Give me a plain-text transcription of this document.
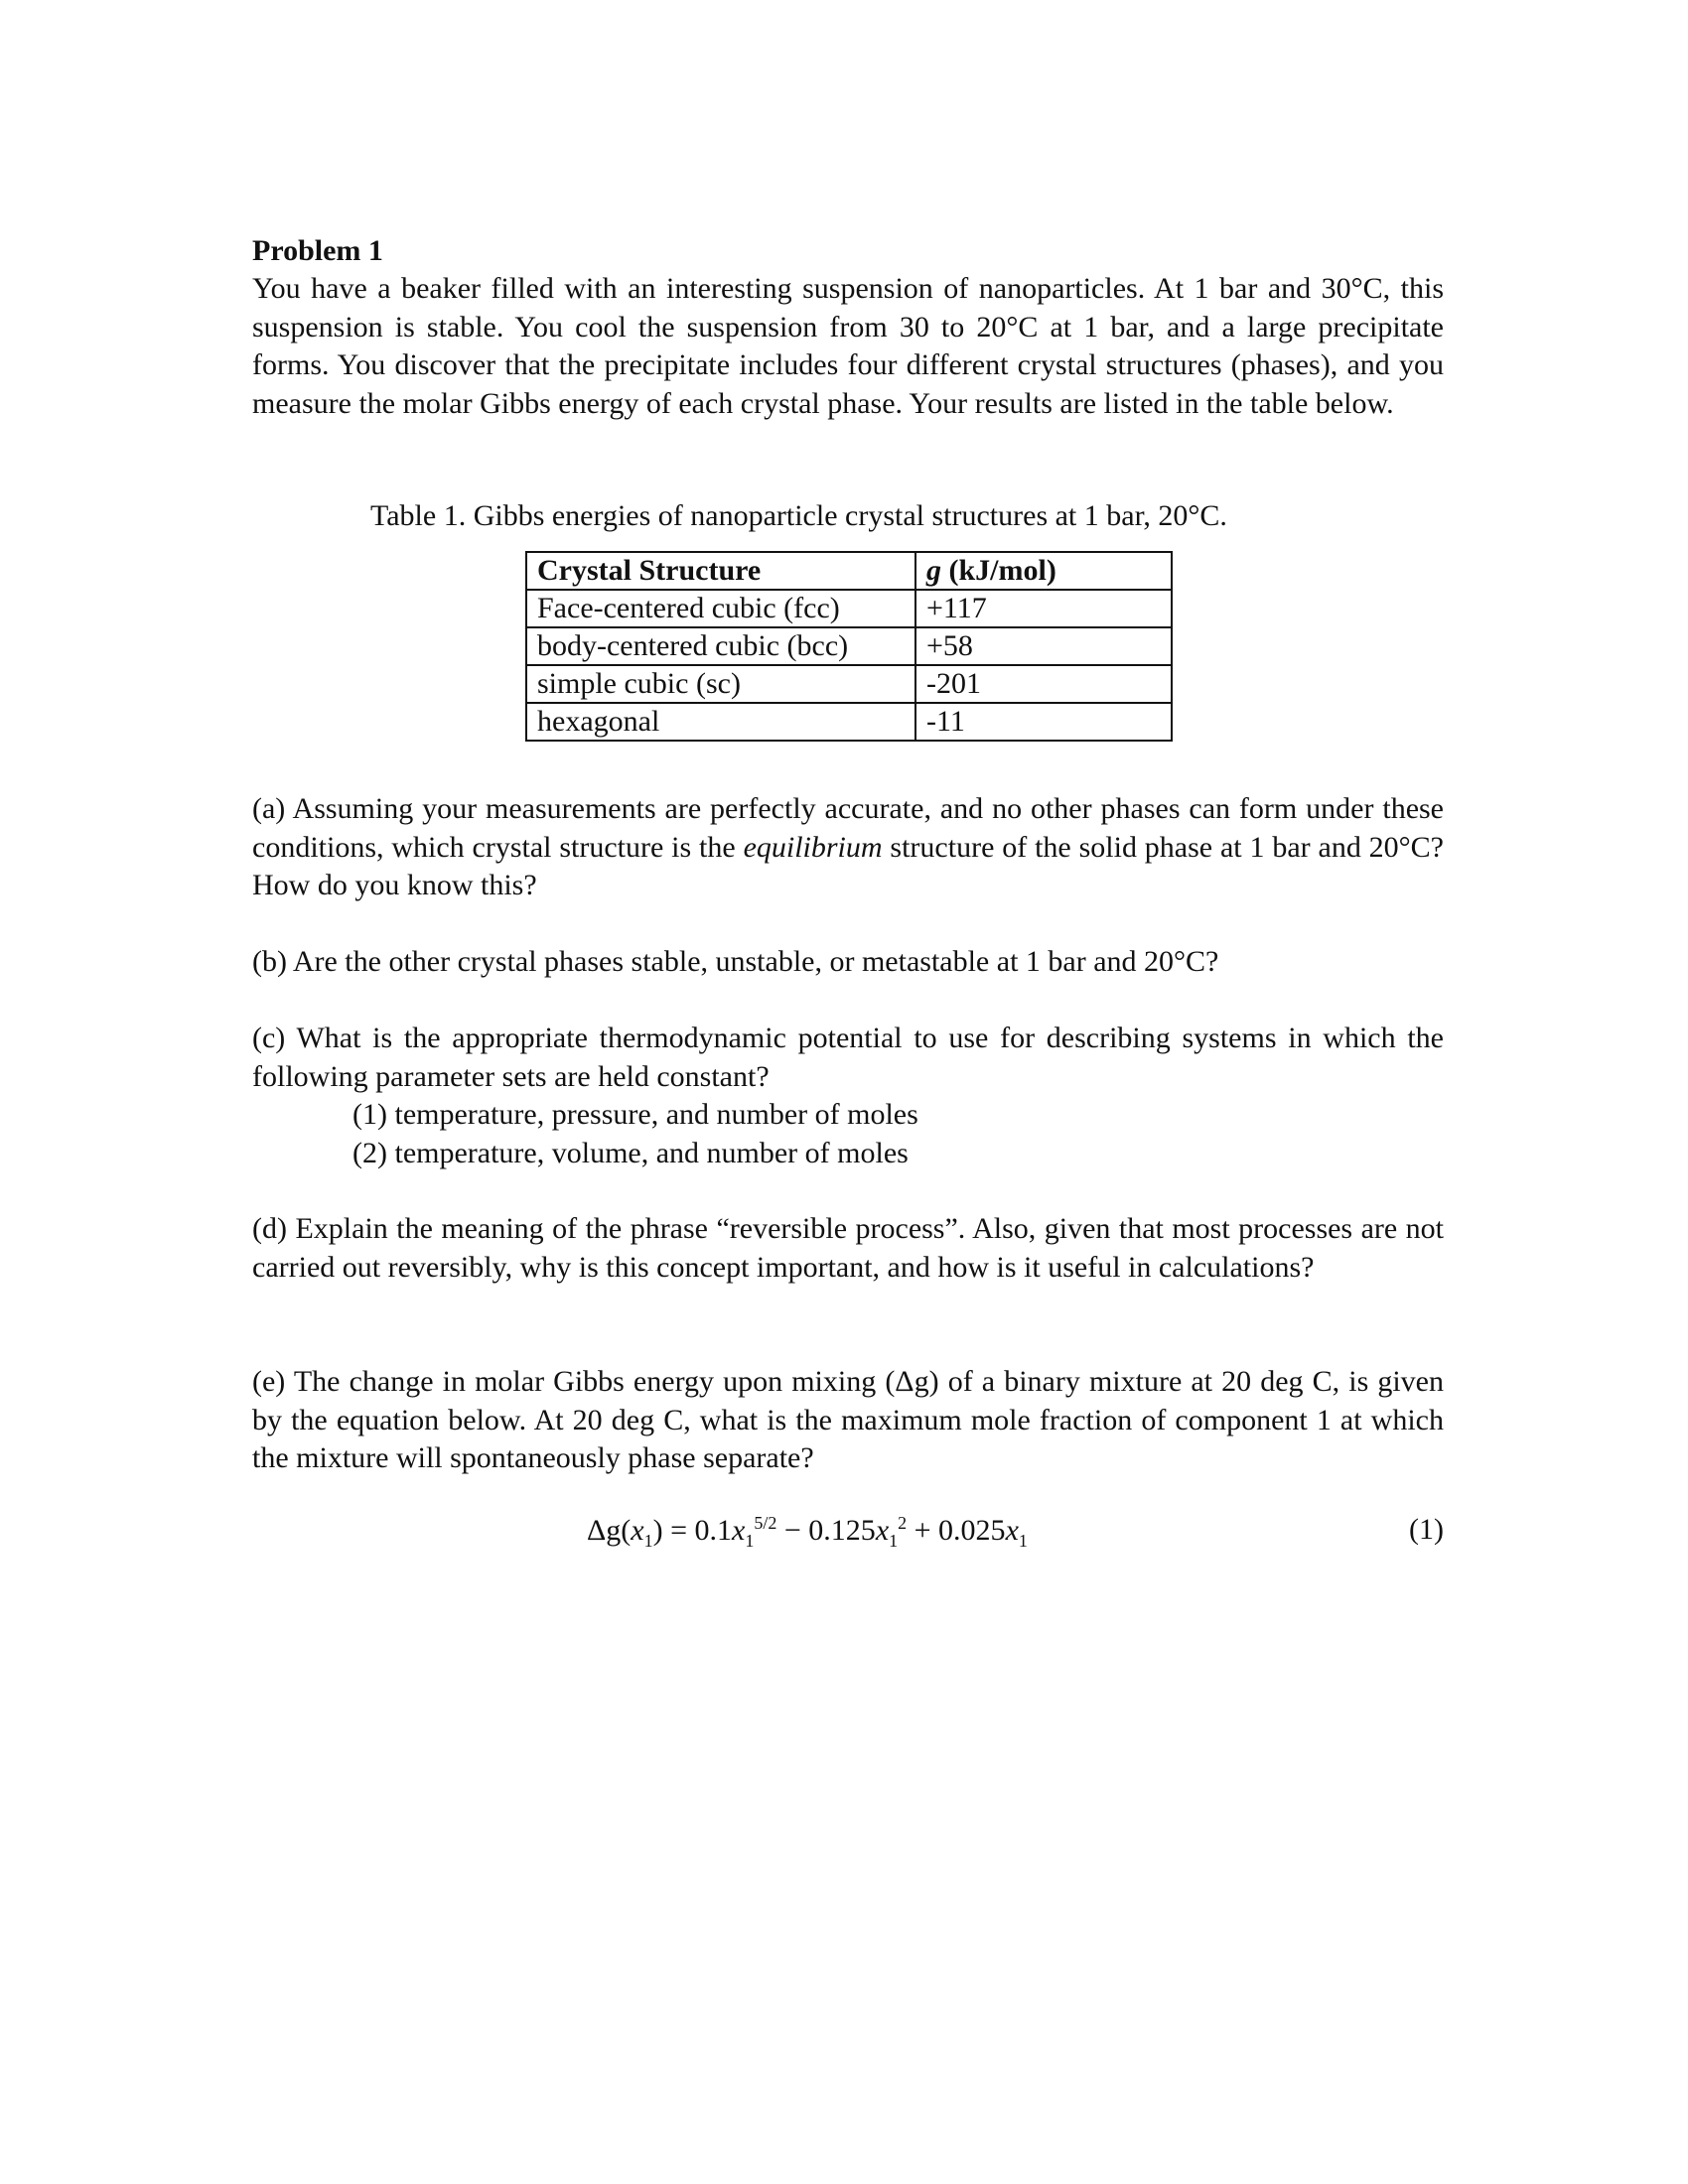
Problem 1

You have a beaker filled with an interesting suspension of nanoparticles. At 1 bar and 30°C, this suspension is stable. You cool the suspension from 30 to 20°C at 1 bar, and a large precipitate forms. You discover that the precipitate includes four different crystal structures (phases), and you measure the molar Gibbs energy of each crystal phase. Your results are listed in the table below.

Table 1. Gibbs energies of nanoparticle crystal structures at 1 bar, 20°C.
Crystal Structure	g (kJ/mol)
Face-centered cubic (fcc)	+117
body-centered cubic (bcc)	+58
simple cubic (sc)	-201
hexagonal	-11

(a) Assuming your measurements are perfectly accurate, and no other phases can form under these conditions, which crystal structure is the equilibrium structure of the solid phase at 1 bar and 20°C? How do you know this?

(b) Are the other crystal phases stable, unstable, or metastable at 1 bar and 20°C?

(c) What is the appropriate thermodynamic potential to use for describing systems in which the following parameter sets are held constant?

(1) temperature, pressure, and number of moles

(2) temperature, volume, and number of moles

(d) Explain the meaning of the phrase “reversible process”. Also, given that most processes are not carried out reversibly, why is this concept important, and how is it useful in calculations?

(e) The change in molar Gibbs energy upon mixing (Δg) of a binary mixture at 20 deg C, is given by the equation below. At 20 deg C, what is the maximum mole fraction of component 1 at which the mixture will spontaneously phase separate?

$\Delta g(x_1) = 0.1x_1^{5/2} - 0.125x_1^2 + 0.025x_1$	(1)
